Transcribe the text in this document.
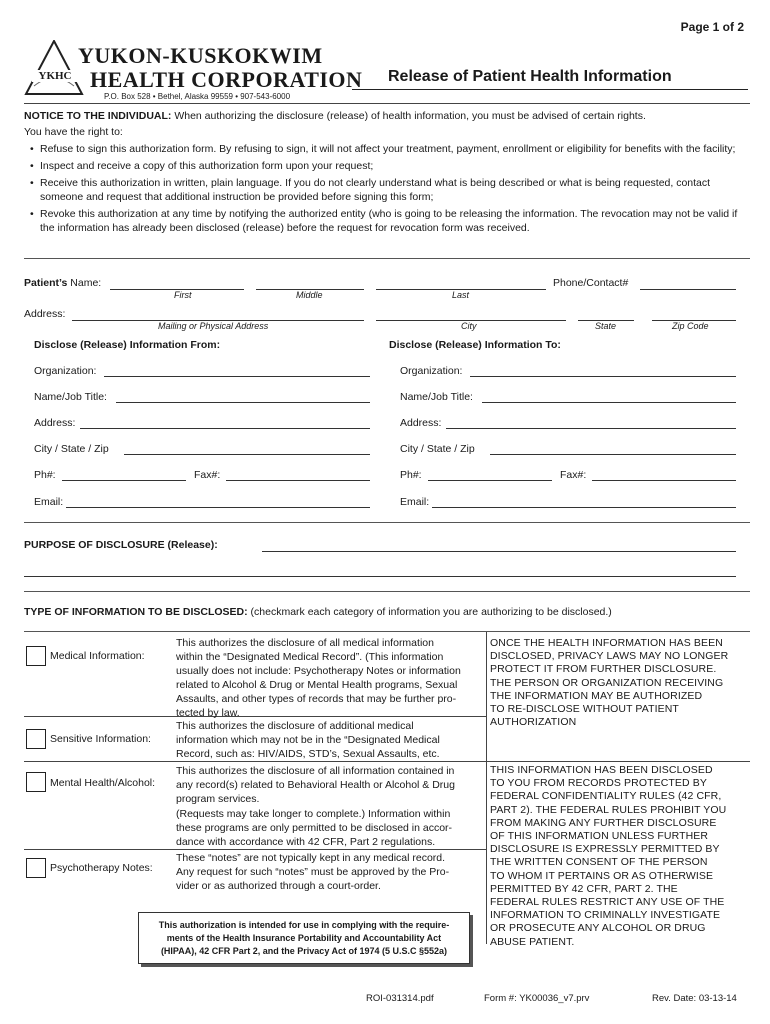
Page 1 of 2
YKHC
YUKON-KUSKOKWIM
HEALTH CORPORATION
P.O. Box 528 • Bethel, Alaska 99559 • 907-543-6000
Release of Patient Health Information
NOTICE TO THE INDIVIDUAL: When authorizing the disclosure (release) of health information, you must be advised of certain rights.
You have the right to:
• Refuse to sign this authorization form. By refusing to sign, it will not affect your treatment, payment, enrollment or eligibility for benefits with the facility;
• Inspect and receive a copy of this authorization form upon your request;
• Receive this authorization in written, plain language. If you do not clearly understand what is being described or what is being requested, contact someone and request that additional instruction be provided before signing this form;
• Revoke this authorization at any time by notifying the authorized entity (who is going to be releasing the information. The revocation may not be valid if the information has already been disclosed (release) before the request for revocation form was received.
Patient’s Name:	Phone/Contact#
First	Middle	Last
Address:
Mailing or Physical Address	City	State	Zip Code
Disclose (Release) Information From:
Organization:
Name/Job Title:
Address:
City / State / Zip
Ph#:	Fax#:
Email:
Disclose (Release) Information To:
Organization:
Name/Job Title:
Address:
City / State / Zip
Ph#:	Fax#:
Email:
PURPOSE OF DISCLOSURE (Release):
TYPE OF INFORMATION TO BE DISCLOSED: (checkmark each category of information you are authorizing to be disclosed.)
Medical Information:
This authorizes the disclosure of all medical information
within the “Designated Medical Record”. (This information
usually does not include: Psychotherapy Notes or information
related to Alcohol & Drug or Mental Health programs, Sexual
Assaults, and other types of records that may be further pro-
tected by law.
Sensitive Information:
This authorizes the disclosure of additional medical
information which may not be in the “Designated Medical
Record, such as: HIV/AIDS, STD’s, Sexual Assaults, etc.
Mental Health/Alcohol:
This authorizes the disclosure of all information contained in
any record(s) related to Behavioral Health or Alcohol & Drug
program services.
(Requests may take longer to complete.) Information within
these programs are only permitted to be disclosed in accor-
dance with accordance with 42 CFR, Part 2 regulations.
Psychotherapy Notes:
These “notes” are not typically kept in any medical record.
Any request for such “notes” must be approved by the Pro-
vider or as authorized through a court-order.
ONCE THE HEALTH INFORMATION HAS BEEN
DISCLOSED, PRIVACY LAWS MAY NO LONGER
PROTECT IT FROM FURTHER DISCLOSURE.
THE PERSON OR ORGANIZATION RECEIVING
THE INFORMATION MAY BE AUTHORIZED
TO RE-DISCLOSE WITHOUT PATIENT
AUTHORIZATION
THIS INFORMATION HAS BEEN DISCLOSED
TO YOU FROM RECORDS PROTECTED BY
FEDERAL CONFIDENTIALITY RULES (42 CFR,
PART 2). THE FEDERAL RULES PROHIBIT YOU
FROM MAKING ANY FURTHER DISCLOSURE
OF THIS INFORMATION UNLESS FURTHER
DISCLOSURE IS EXPRESSLY PERMITTED BY
THE WRITTEN CONSENT OF THE PERSON
TO WHOM IT PERTAINS OR AS OTHERWISE
PERMITTED BY 42 CFR, PART 2. THE
FEDERAL RULES RESTRICT ANY USE OF THE
INFORMATION TO CRIMINALLY INVESTIGATE
OR PROSECUTE ANY ALCOHOL OR DRUG
ABUSE PATIENT.
This authorization is intended for use in complying with the require-
ments of the Health Insurance Portability and Accountability Act
(HIPAA), 42 CFR Part 2, and the Privacy Act of 1974 (5 U.S.C §552a)
ROI-031314.pdf	Form #: YK00036_v7.prv	Rev. Date: 03-13-14
